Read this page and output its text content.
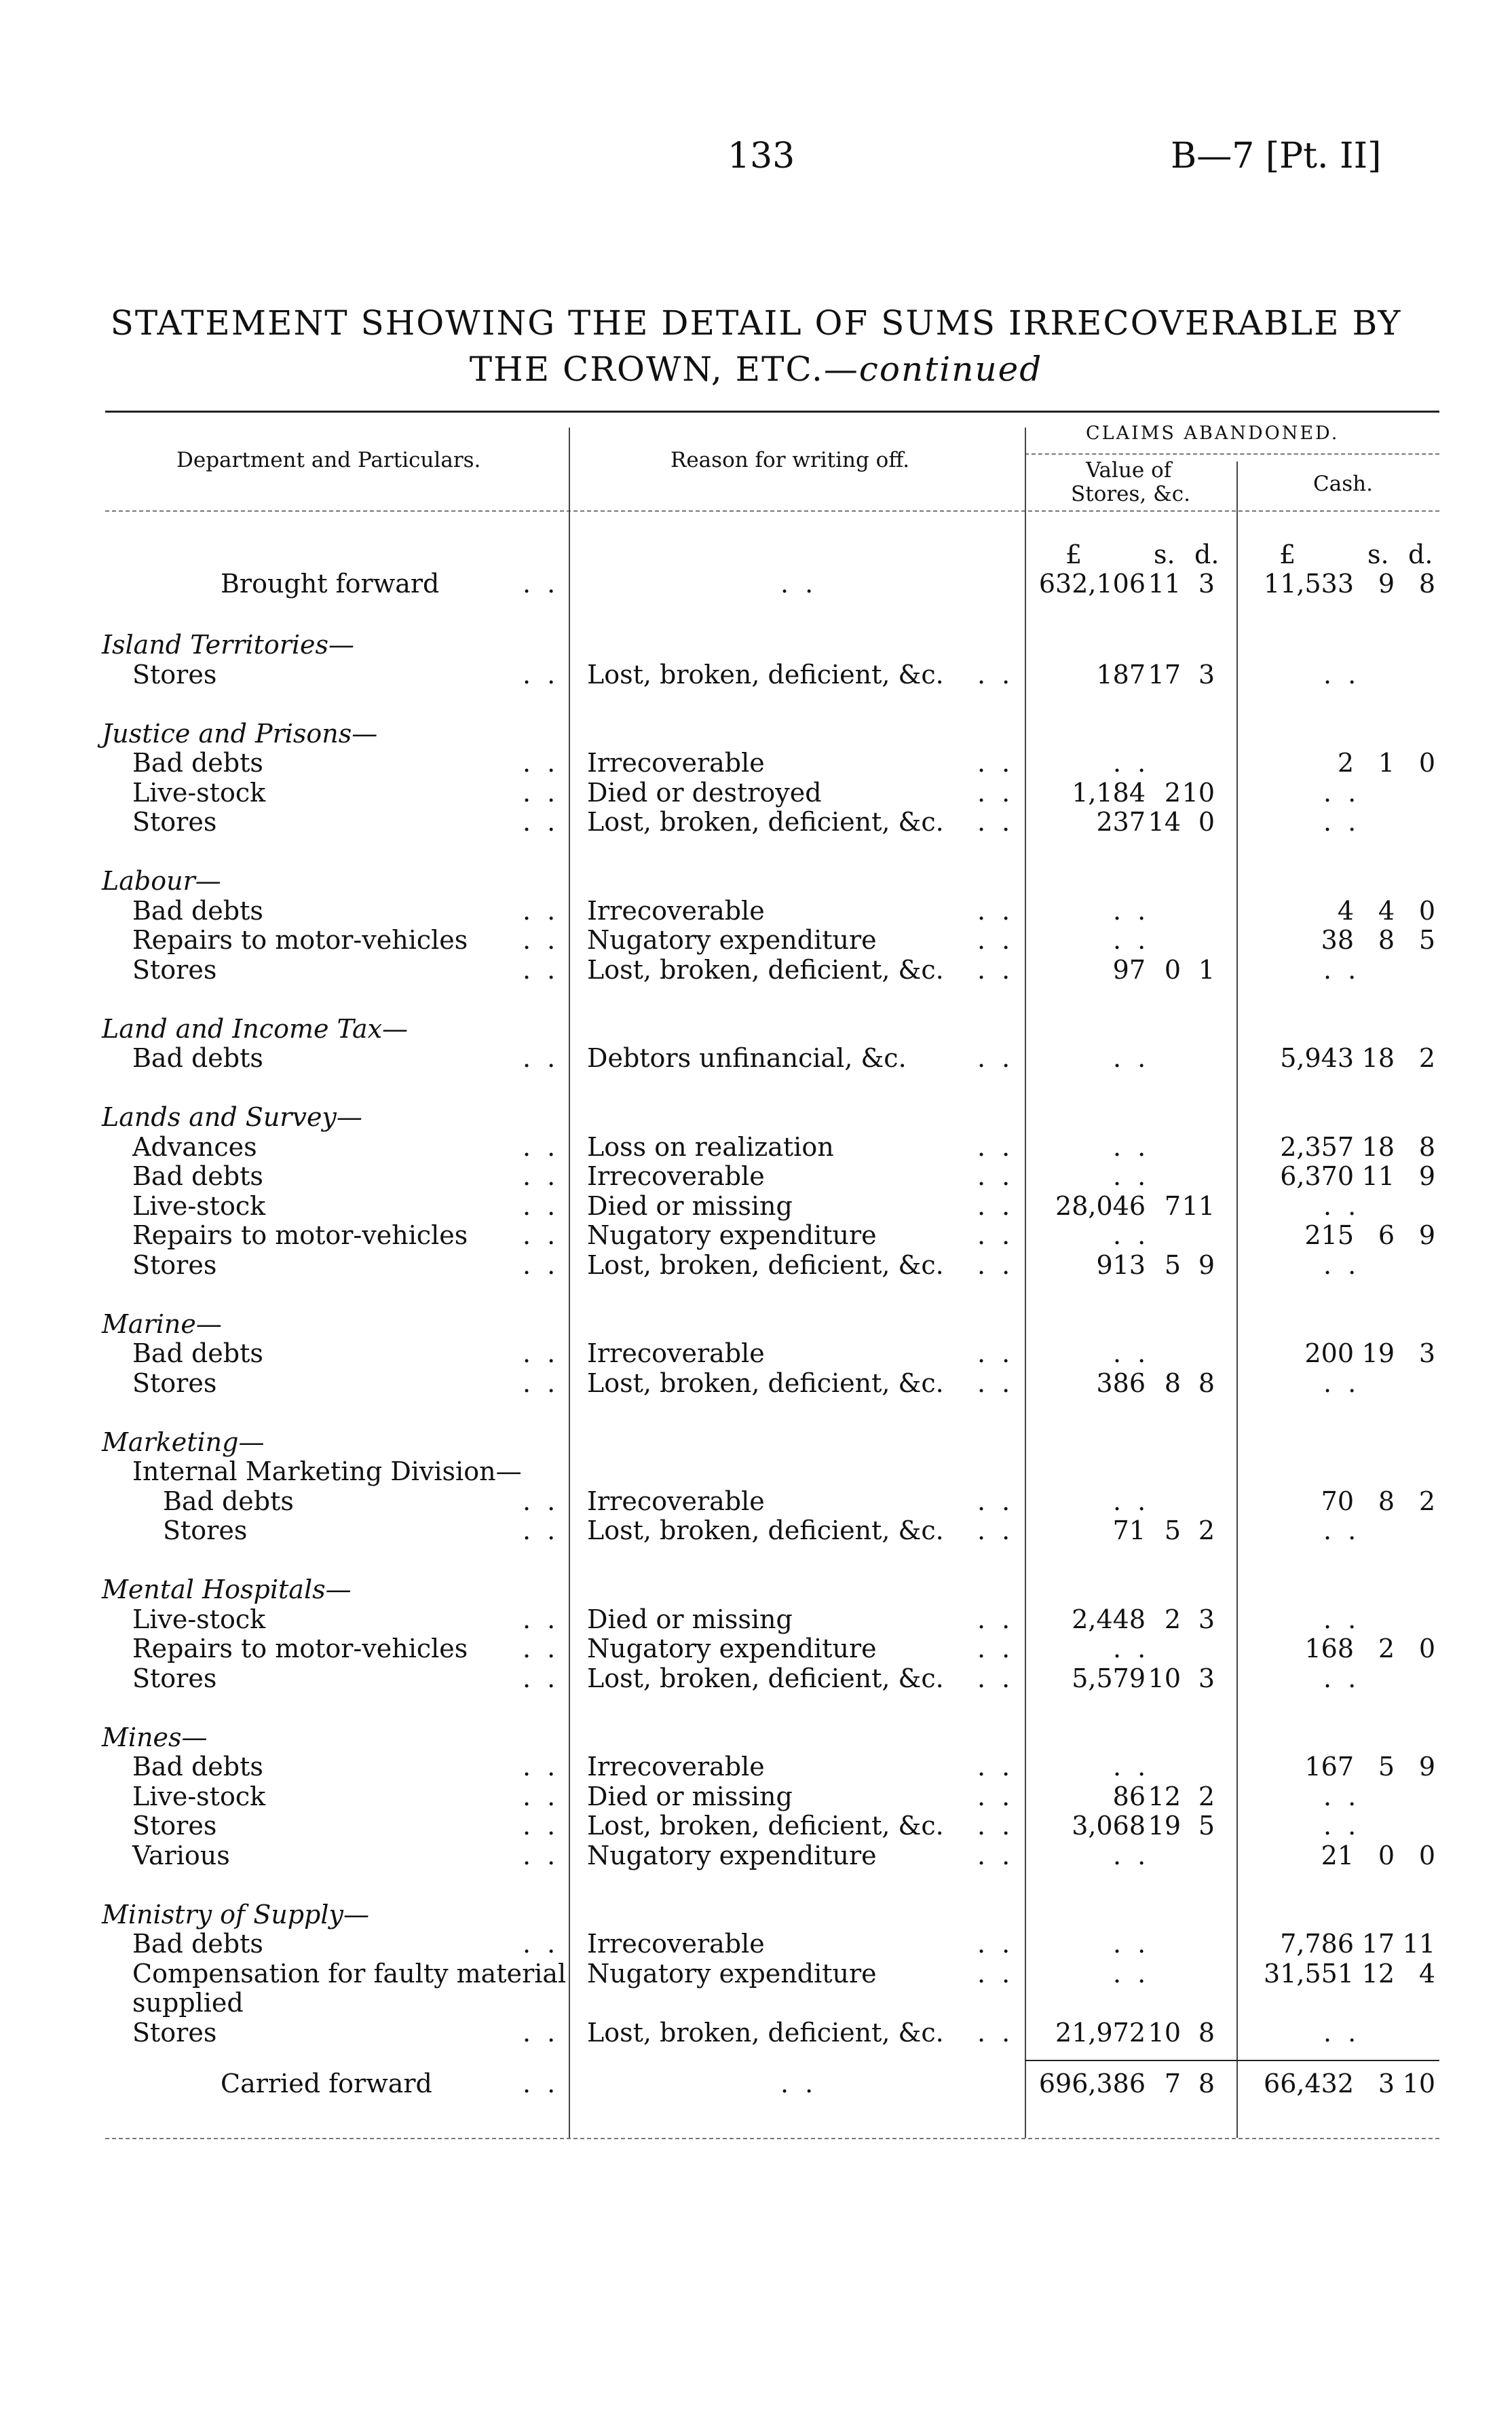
133	B—7 [Pt. II]
STATEMENT SHOWING THE DETAIL OF SUMS IRRECOVERABLE BY
THE CROWN, ETC.—continued
Department and Particulars.	Reason for writing off.
CLAIMS ABANDONED.
Value of
Stores, &c.	Cash.
£	s. d. £	s. d.
Brought forward	. .	. .	632,106 11 3	11,533 9 8
Island Territories—
Stores	. . Lost, broken, deficient, &c. . .	187 17 3	. .
Justice and Prisons—
Bad debts	. . Irrecoverable	. .	. .	2 1 0
Live-stock	. . Died or destroyed	. .	1,184 2 10	. .
Stores	. . Lost, broken, deficient, &c. . .	237 14 0	. .
Labour—
Bad debts	. . Irrecoverable	. .	. .	4 4 0
Repairs to motor-vehicles . . Nugatory expenditure	. .	. .	38 8 5
Stores	. . Lost, broken, deficient, &c. . .	97 0 1	. .
Land and Income Tax—
Bad debts	. . Debtors unfinancial, &c.	. .	. .	5,943 18 2
Lands and Survey—
Advances	. . Loss on realization	. .	. .	2,357 18 8
Bad debts	. . Irrecoverable	. .	. .	6,370 11 9
Live-stock	. . Died or missing	. .	28,046 7 11	. .
Repairs to motor-vehicles . . Nugatory expenditure	. .	. .	215 6 9
Stores	. . Lost, broken, deficient, &c. . .	913 5 9	. .
Marine—
Bad debts	. . Irrecoverable	. .	. .	200 19 3
Stores	. . Lost, broken, deficient, &c. . .	386 8 8	. .
Marketing—
Internal Marketing Division—
Bad debts	. . Irrecoverable	. .	. .	70 8 2
Stores	. . Lost, broken, deficient, &c. . .	71 5 2	. .
Mental Hospitals—
Live-stock	. . Died or missing	. .	2,448 2 3	. .
Repairs to motor-vehicles . . Nugatory expenditure	. .	. .	168 2 0
Stores	. . Lost, broken, deficient, &c. . .	5,579 10 3	. .
Mines—
Bad debts	. . Irrecoverable	. .	. .	167 5 9
Live-stock	. . Died or missing	. .	86 12 2	. .
Stores	. . Lost, broken, deficient, &c. . .	3,068 19 5	. .
Various	. . Nugatory expenditure	. .	. .	21 0 0
Ministry of Supply—
Bad debts	. . Irrecoverable	. .	. .	7,786 17 11
Compensation for faulty material Nugatory expenditure	. .	. .	31,551 12 4
supplied
Stores	. . Lost, broken, deficient, &c. . .	21,972 10 8	. .
Carried forward	. .	. .	696,386 7 8	66,432 3 10
